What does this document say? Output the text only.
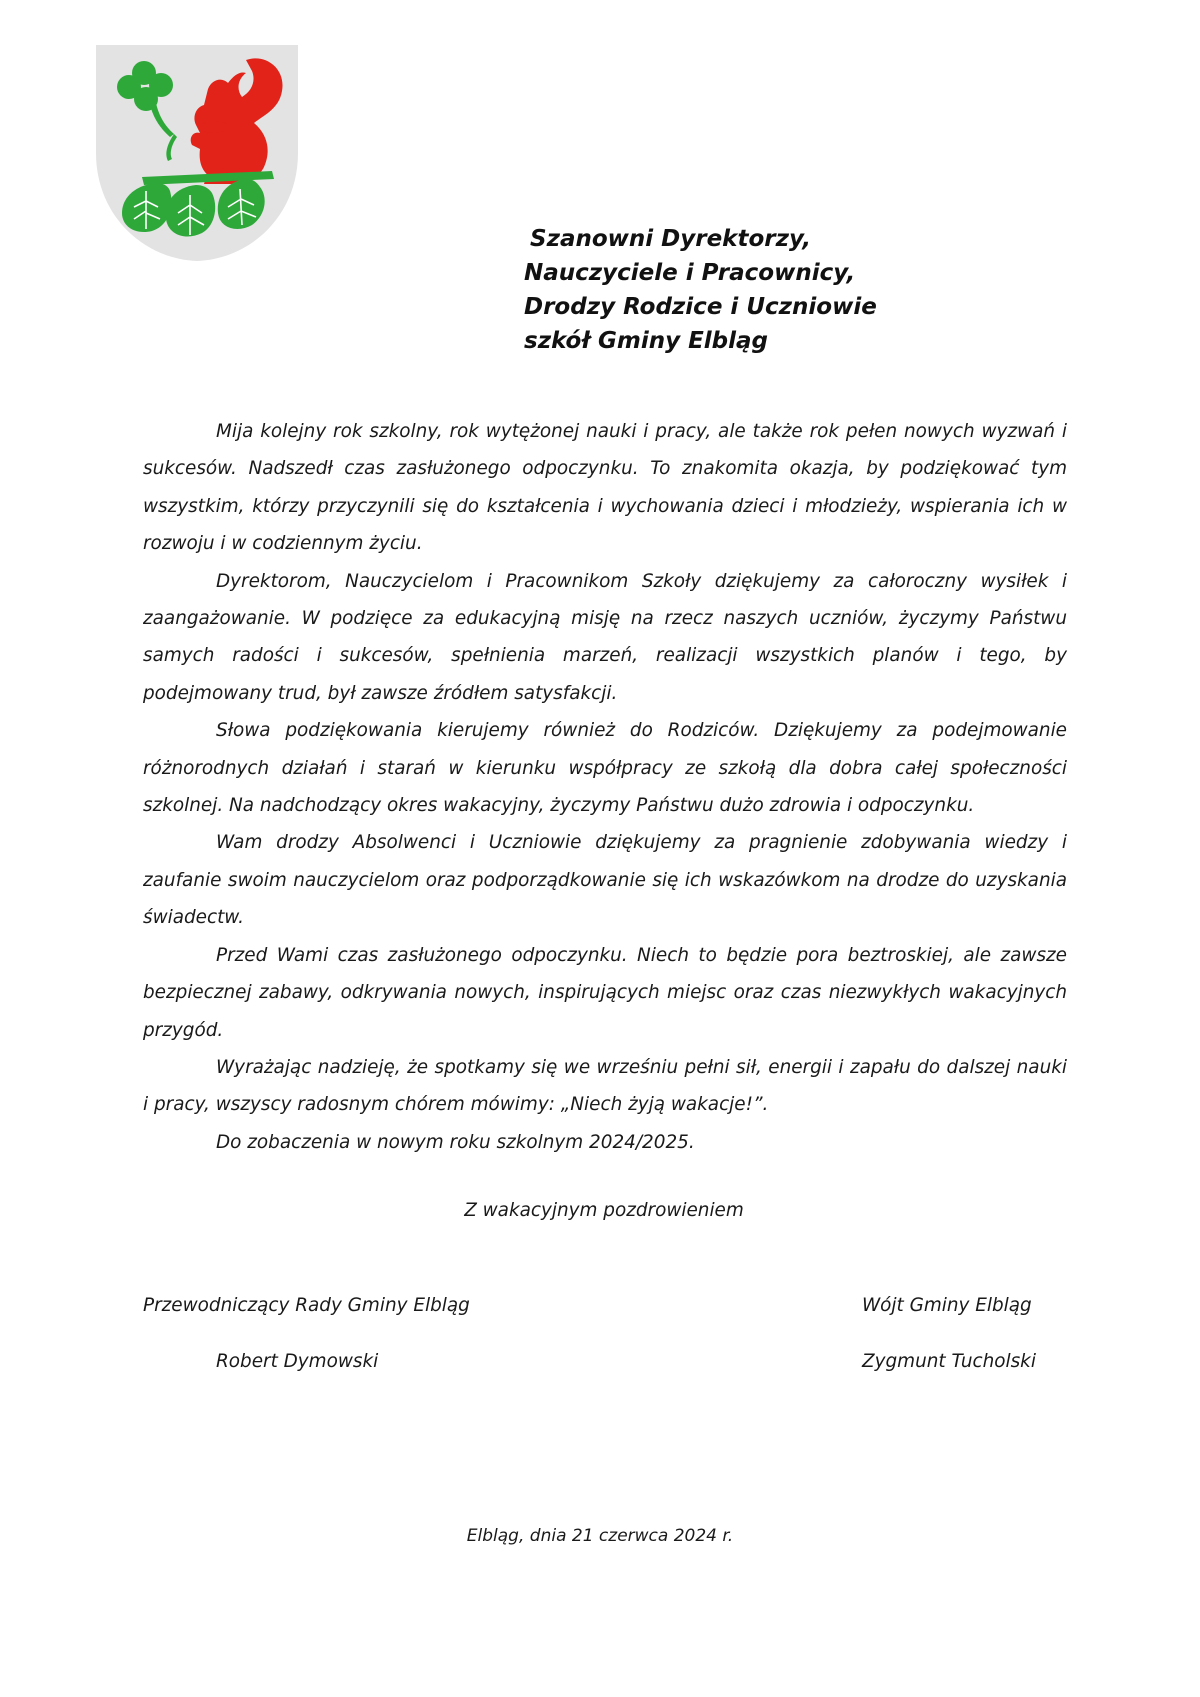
Szanowni Dyrektorzy,
Nauczyciele i Pracownicy,
Drodzy Rodzice i Uczniowie
szkół Gminy Elbląg

Mija kolejny rok szkolny, rok wytężonej nauki i pracy, ale także rok pełen nowych wyzwań i sukcesów. Nadszedł czas zasłużonego odpoczynku. To znakomita okazja, by podziękować tym wszystkim, którzy przyczynili się do kształcenia i wychowania dzieci i młodzieży, wspierania ich w rozwoju i w codziennym życiu.

Dyrektorom, Nauczycielom i Pracownikom Szkoły dziękujemy za całoroczny wysiłek i zaangażowanie. W podzięce za edukacyjną misję na rzecz naszych uczniów, życzymy Państwu samych radości i sukcesów, spełnienia marzeń, realizacji wszystkich planów i tego, by podejmowany trud, był zawsze źródłem satysfakcji.

Słowa podziękowania kierujemy również do Rodziców. Dziękujemy za podejmowanie różnorodnych działań i starań w kierunku współpracy ze szkołą dla dobra całej społeczności szkolnej. Na nadchodzący okres wakacyjny, życzymy Państwu dużo zdrowia i odpoczynku.

Wam drodzy Absolwenci i Uczniowie dziękujemy za pragnienie zdobywania wiedzy i zaufanie swoim nauczycielom oraz podporządkowanie się ich wskazówkom na drodze do uzyskania świadectw.

Przed Wami czas zasłużonego odpoczynku. Niech to będzie pora beztroskiej, ale zawsze bezpiecznej zabawy, odkrywania nowych, inspirujących miejsc oraz czas niezwykłych wakacyjnych przygód.

Wyrażając nadzieję, że spotkamy się we wrześniu pełni sił, energii i zapału do dalszej nauki i pracy, wszyscy radosnym chórem mówimy: „Niech żyją wakacje!”.

Do zobaczenia w nowym roku szkolnym 2024/2025.

Z wakacyjnym pozdrowieniem
Przewodniczący Rady Gminy Elbląg
Robert Dymowski
Wójt Gminy Elbląg
Zygmunt Tucholski
Elbląg, dnia 21 czerwca 2024 r.
